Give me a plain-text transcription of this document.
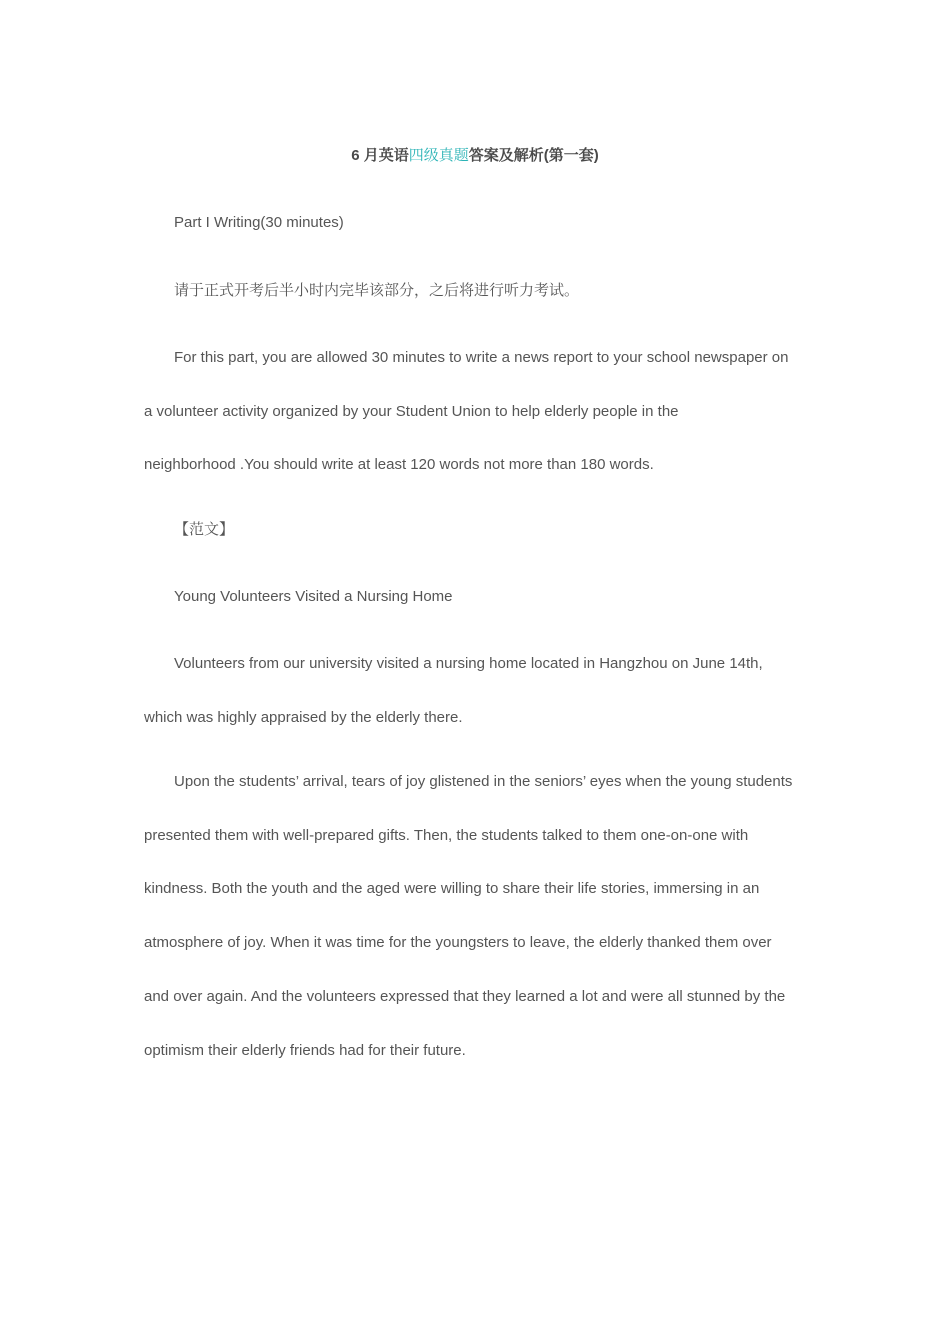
6 月英语四级真题答案及解析(第一套)
Part I Writing(30 minutes)
请于正式开考后半小时内完毕该部分，之后将进行听力考试。
For this part, you are allowed 30 minutes to write a news report to your school newspaper on
a volunteer activity organized by your Student Union to help elderly people in the
neighborhood .You should write at least 120 words not more than 180 words.
【范文】
Young Volunteers Visited a Nursing Home
Volunteers from our university visited a nursing home located in Hangzhou on June 14th,
which was highly appraised by the elderly there.
Upon the students’ arrival, tears of joy glistened in the seniors’ eyes when the young students
presented them with well-prepared gifts. Then, the students talked to them one-on-one with
kindness. Both the youth and the aged were willing to share their life stories, immersing in an
atmosphere of joy. When it was time for the youngsters to leave, the elderly thanked them over
and over again. And the volunteers expressed that they learned a lot and were all stunned by the
optimism their elderly friends had for their future.
